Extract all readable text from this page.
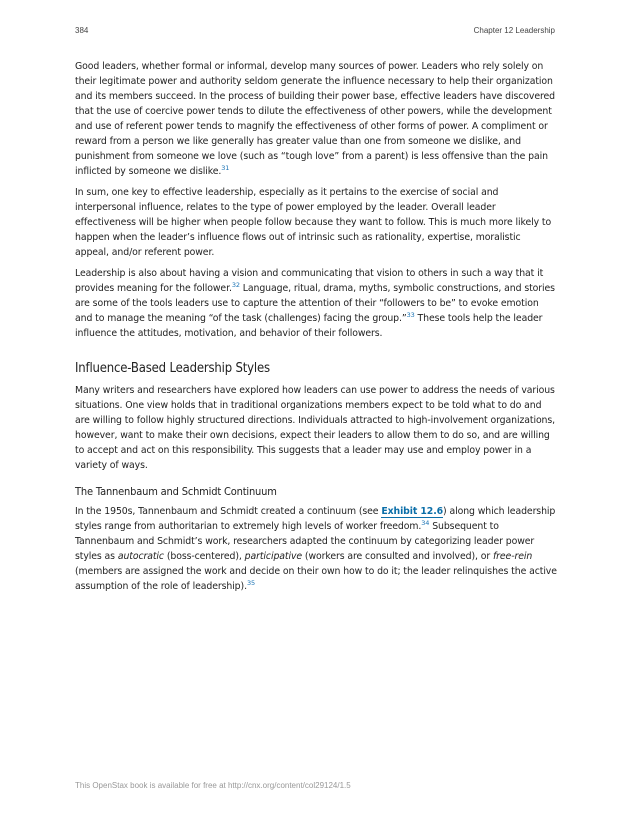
384	Chapter 12 Leadership

Good leaders, whether formal or informal, develop many sources of power. Leaders who rely solely on their legitimate power and authority seldom generate the influence necessary to help their organization and its members succeed. In the process of building their power base, effective leaders have discovered that the use of coercive power tends to dilute the effectiveness of other powers, while the development and use of referent power tends to magnify the effectiveness of other forms of power. A compliment or reward from a person we like generally has greater value than one from someone we dislike, and punishment from someone we love (such as “tough love” from a parent) is less offensive than the pain inflicted by someone we dislike.$^{31}$

In sum, one key to effective leadership, especially as it pertains to the exercise of social and interpersonal influence, relates to the type of power employed by the leader. Overall leader effectiveness will be higher when people follow because they want to follow. This is much more likely to happen when the leader’s influence flows out of intrinsic such as rationality, expertise, moralistic appeal, and/or referent power.

Leadership is also about having a vision and communicating that vision to others in such a way that it provides meaning for the follower.$^{32}$ Language, ritual, drama, myths, symbolic constructions, and stories are some of the tools leaders use to capture the attention of their “followers to be” to evoke emotion and to manage the meaning “of the task (challenges) facing the group.”$^{33}$ These tools help the leader influence the attitudes, motivation, and behavior of their followers.

Influence-Based Leadership Styles

Many writers and researchers have explored how leaders can use power to address the needs of various situations. One view holds that in traditional organizations members expect to be told what to do and are willing to follow highly structured directions. Individuals attracted to high-involvement organizations, however, want to make their own decisions, expect their leaders to allow them to do so, and are willing to accept and act on this responsibility. This suggests that a leader may use and employ power in a variety of ways.

The Tannenbaum and Schmidt Continuum

In the 1950s, Tannenbaum and Schmidt created a continuum (see Exhibit 12.6) along which leadership styles range from authoritarian to extremely high levels of worker freedom.$^{34}$ Subsequent to Tannenbaum and Schmidt’s work, researchers adapted the continuum by categorizing leader power styles as autocratic (boss-centered), participative (workers are consulted and involved), or free-rein (members are assigned the work and decide on their own how to do it; the leader relinquishes the active assumption of the role of leadership).$^{35}$

This OpenStax book is available for free at http://cnx.org/content/col29124/1.5
